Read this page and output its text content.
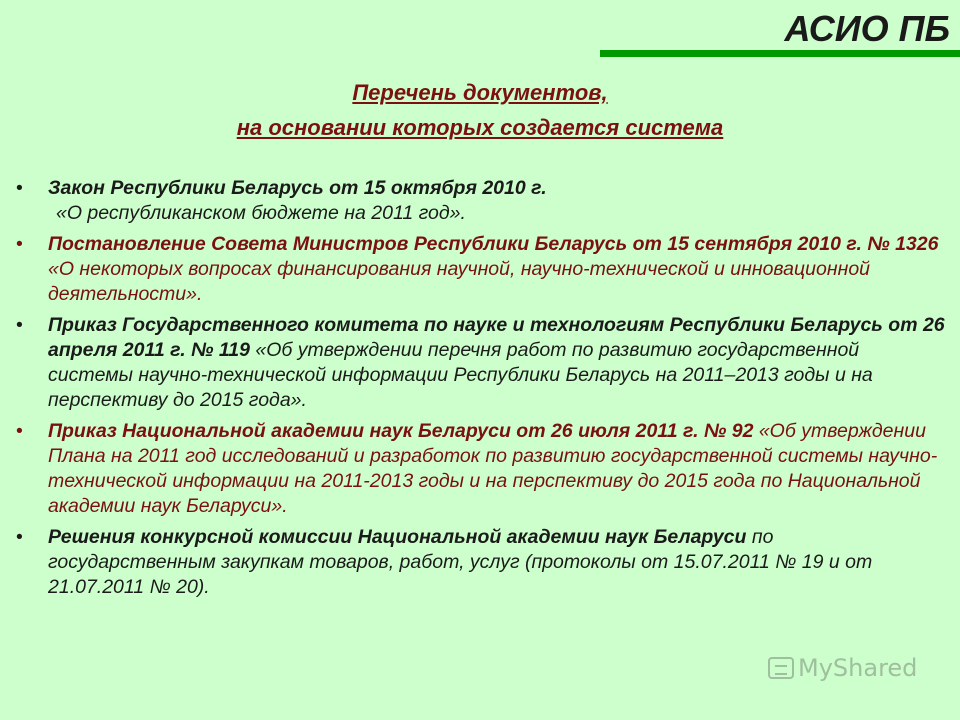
АСИО ПБ
Перечень документов,
на основании которых создается система
• Закон Республики Беларусь от 15 октября 2010 г.
«О республиканском бюджете на 2011 год».
• Постановление Совета Министров Республики Беларусь от 15 сентября 2010 г. № 1326 «О некоторых вопросах финансирования научной, научно-технической и инновационной деятельности».
• Приказ Государственного комитета по науке и технологиям Республики Беларусь от 26 апреля 2011 г. № 119 «Об утверждении перечня работ по развитию государственной системы научно-технической информации Республики Беларусь на 2011–2013 годы и на перспективу до 2015 года».
• Приказ Национальной академии наук Беларуси от 26 июля 2011 г. № 92 «Об утверждении Плана на 2011 год исследований и разработок по развитию государственной системы научно-технической информации на 2011-2013 годы и на перспективу до 2015 года по Национальной академии наук Беларуси».
• Решения конкурсной комиссии Национальной академии наук Беларуси по государственным закупкам товаров, работ, услуг (протоколы от 15.07.2011 № 19 и от 21.07.2011 № 20).
MyShared
